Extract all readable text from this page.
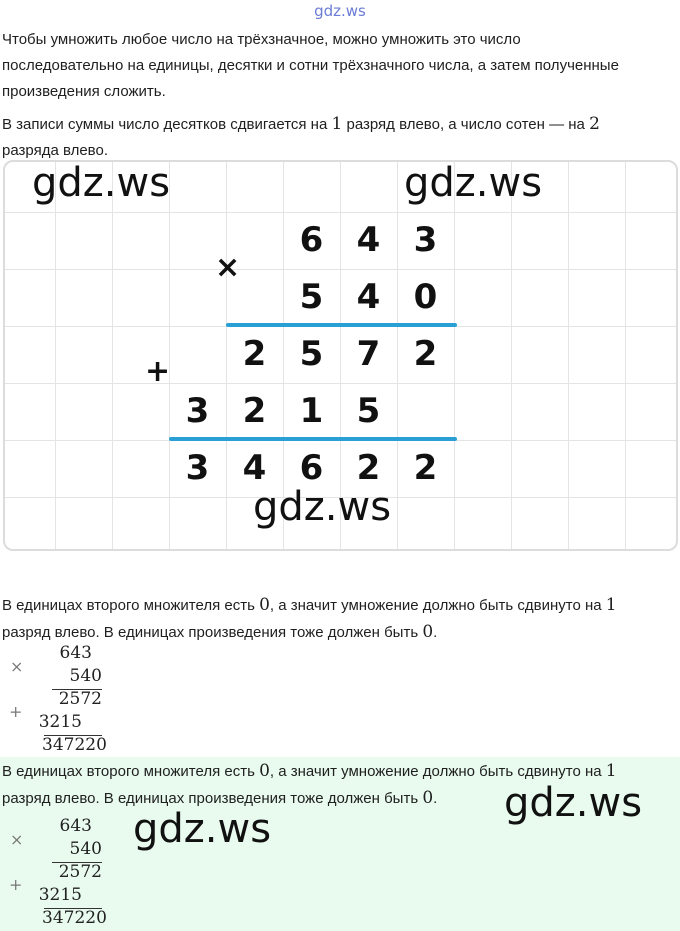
gdz.ws
Чтобы умножить любое число на трёхзначное, можно умножить это число
последовательно на единицы, десятки и сотни трёхзначного числа, а затем полученные
произведения сложить.
В записи суммы число десятков сдвигается на 1 разряд влево, а число сотен — на 2
разряда влево.
×
+
6 4 3
5 4 0
2 5 7 2
3 2 1 5
3 4 6 2 2
gdz.ws	gdz.ws
gdz.ws
В единицах второго множителя есть 0, а значит умножение должно быть сдвинуто на 1
разряд влево. В единицах произведения тоже должен быть 0.
×
643
540
+
2572
3215
347220
В единицах второго множителя есть 0, а значит умножение должно быть сдвинуто на 1
разряд влево. В единицах произведения тоже должен быть 0.
×
643
540
+
2572
3215
347220
gdz.ws
gdz.ws
